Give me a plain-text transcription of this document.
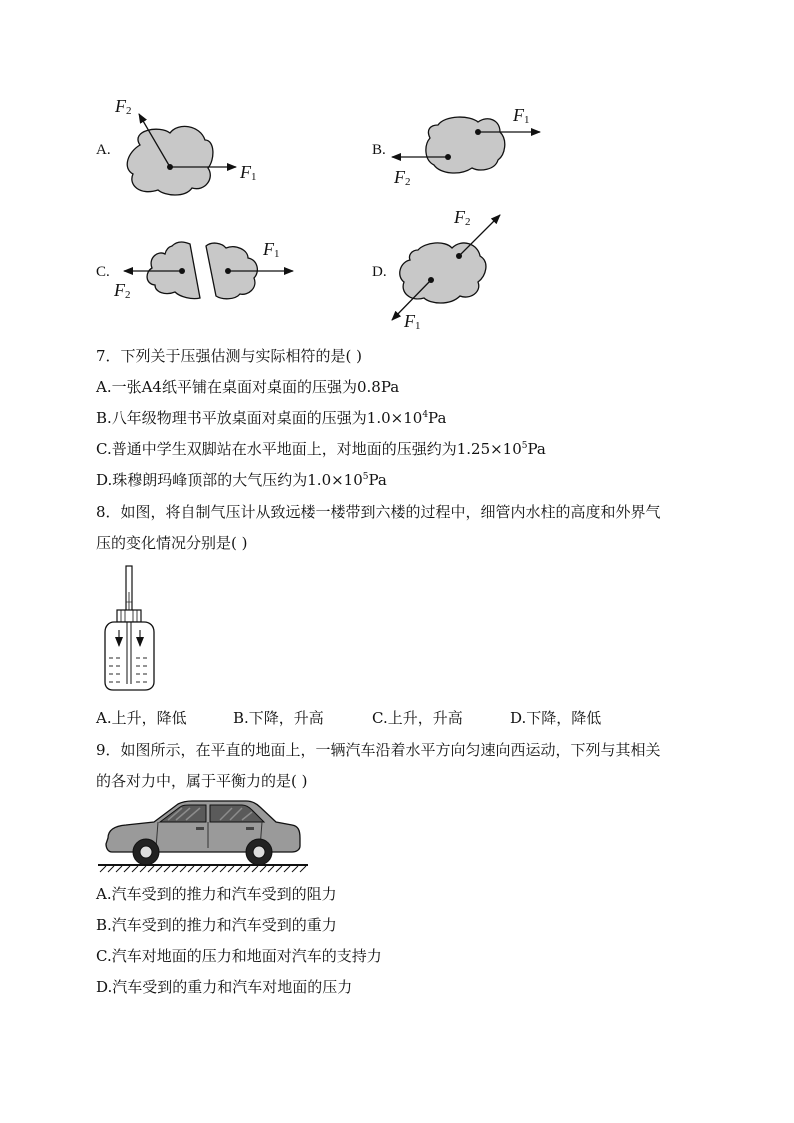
A.
$F_2$
$F_1$
B.
$F_1$
$F_2$
C.
$F_1$
$F_2$
D.
$F_2$
$F_1$
7．下列关于压强估测与实际相符的是( )
A.一张A4纸平铺在桌面对桌面的压强为0.8Pa
B.八年级物理书平放桌面对桌面的压强为$1.0\times 10^4Pa$
C.普通中学生双脚站在水平地面上，对地面的压强约为$1.25\times 10^5Pa$
D.珠穆朗玛峰顶部的大气压约为$1.0\times 10^5Pa$
8．如图，将自制气压计从致远楼一楼带到六楼的过程中，细管内水柱的高度和外界气
压的变化情况分别是( )
A.上升，降低	B.下降，升高	C.上升，升高	D.下降，降低
9．如图所示，在平直的地面上，一辆汽车沿着水平方向匀速向西运动，下列与其相关
的各对力中，属于平衡力的是( )
A.汽车受到的推力和汽车受到的阻力
B.汽车受到的推力和汽车受到的重力
C.汽车对地面的压力和地面对汽车的支持力
D.汽车受到的重力和汽车对地面的压力
